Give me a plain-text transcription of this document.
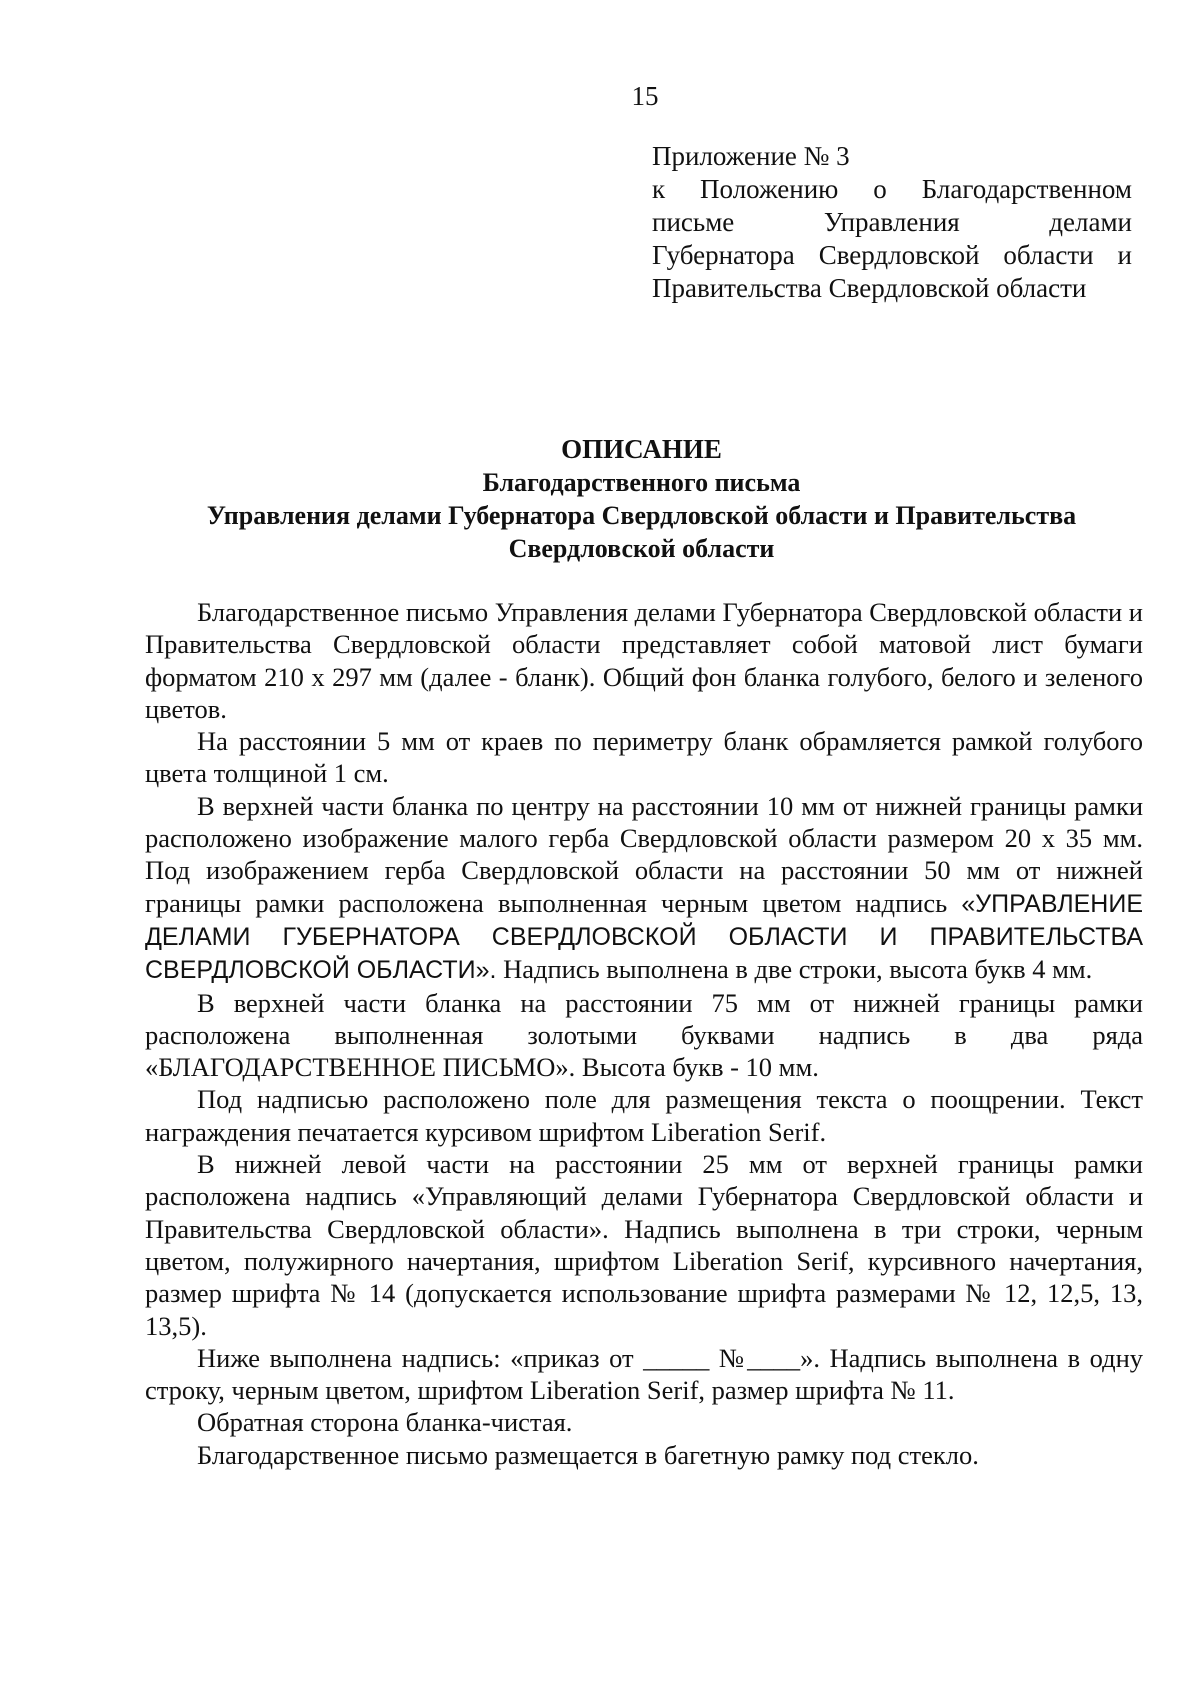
15
Приложение № 3
к Положению о Благодарственном
письме Управления делами
Губернатора Свердловской области и
Правительства Свердловской области
ОПИСАНИЕ
Благодарственного письма
Управления делами Губернатора Свердловской области и Правительства
Свердловской области

Благодарственное письмо Управления делами Губернатора Свердловской области и Правительства Свердловской области представляет собой матовой лист бумаги форматом 210 х 297 мм (далее - бланк). Общий фон бланка голубого, белого и зеленого цветов.

На расстоянии 5 мм от краев по периметру бланк обрамляется рамкой голубого цвета толщиной 1 см.

В верхней части бланка по центру на расстоянии 10 мм от нижней границы рамки расположено изображение малого герба Свердловской области размером 20 х 35 мм. Под изображением герба Свердловской области на расстоянии 50 мм от нижней границы рамки расположена выполненная черным цветом надпись «УПРАВЛЕНИЕ ДЕЛАМИ ГУБЕРНАТОРА СВЕРДЛОВСКОЙ ОБЛАСТИ И ПРАВИТЕЛЬСТВА СВЕРДЛОВСКОЙ ОБЛАСТИ». Надпись выполнена в две строки, высота букв 4 мм.

В верхней части бланка на расстоянии 75 мм от нижней границы рамки расположена выполненная золотыми буквами надпись в два ряда «БЛАГОДАРСТВЕННОЕ ПИСЬМО». Высота букв - 10 мм.

Под надписью расположено поле для размещения текста о поощрении. Текст награждения печатается курсивом шрифтом Liberation Serif.

В нижней левой части на расстоянии 25 мм от верхней границы рамки расположена надпись «Управляющий делами Губернатора Свердловской области и Правительства Свердловской области». Надпись выполнена в три строки, черным цветом, полужирного начертания, шрифтом Liberation Serif, курсивного начертания, размер шрифта № 14 (допускается использование шрифта размерами № 12, 12,5, 13, 13,5).

Ниже выполнена надпись: «приказ от _____ №____». Надпись выполнена в одну строку, черным цветом, шрифтом Liberation Serif, размер шрифта № 11.

Обратная сторона бланка-чистая.

Благодарственное письмо размещается в багетную рамку под стекло.
